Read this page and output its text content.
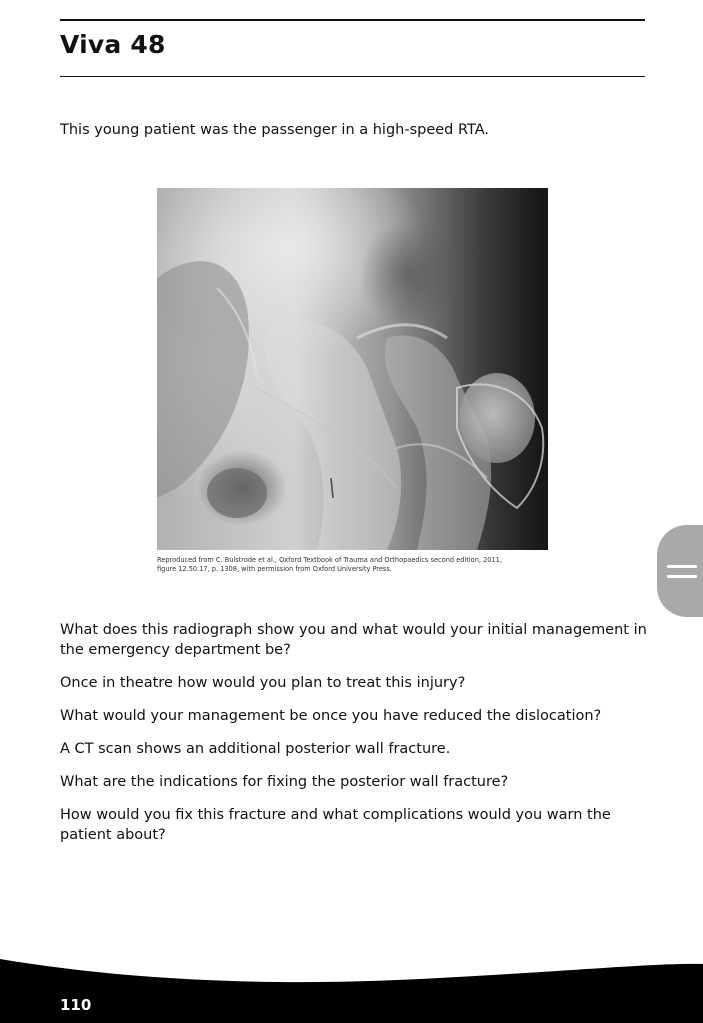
Viva 48

This young patient was the passenger in a high-speed RTA.

Reproduced from C. Bulstrode et al., Oxford Textbook of Trauma and Orthopaedics second edition, 2011,
figure 12.50.17, p. 1308, with permission from Oxford University Press.

What does this radiograph show you and what would your initial management in the emergency department be?
Once in theatre how would you plan to treat this injury?
What would your management be once you have reduced the dislocation?
A CT scan shows an additional posterior wall fracture.
What are the indications for fixing the posterior wall fracture?
How would you fix this fracture and what complications would you warn the patient about?

110
